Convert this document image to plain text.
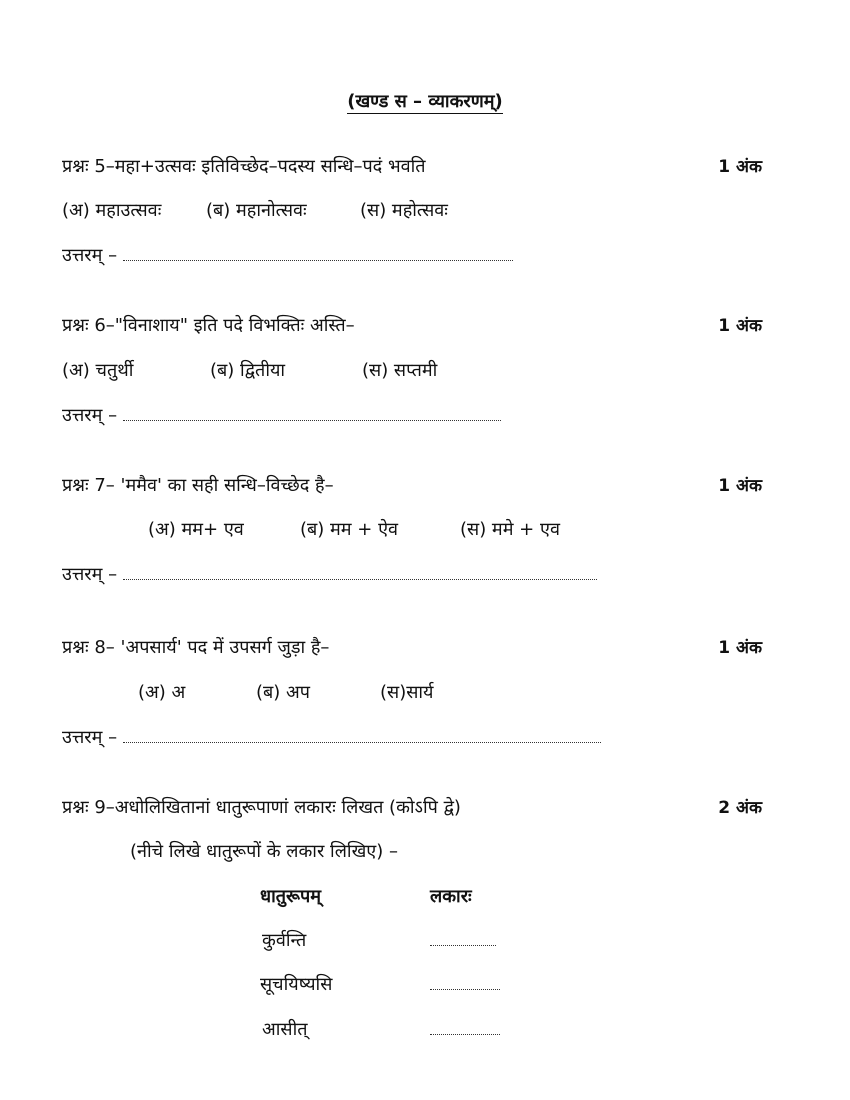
(खण्ड स – व्याकरणम्)
प्रश्नः 5–महा+उत्सवः इतिविच्छेद–पदस्य सन्धि–पदं भवति	1 अंक
(अ) महाउत्सवः (ब) महानोत्सवः	(स) महोत्सवः
उत्तरम् –
प्रश्नः 6–"विनाशाय" इति पदे विभक्तिः अस्ति–	1 अंक
(अ) चतुर्थी	(ब) द्वितीया	(स) सप्तमी
उत्तरम् –
प्रश्नः 7– 'ममैव' का सही सन्धि–विच्छेद है–	1 अंक
(अ) मम+ एव	(ब) मम + ऐव	(स) ममे + एव
उत्तरम् –
प्रश्नः 8– 'अपसार्य' पद में उपसर्ग जुड़ा है–	1 अंक
(अ) अ	(ब) अप	(स)सार्य
उत्तरम् –
प्रश्नः 9–अधोलिखितानां धातुरूपाणां लकारः लिखत (कोऽपि द्वे)	2 अंक
(नीचे लिखे धातुरूपों के लकार लिखिए) –
धातुरूपम्	लकारः
कुर्वन्ति
सूचयिष्यसि
आसीत्
